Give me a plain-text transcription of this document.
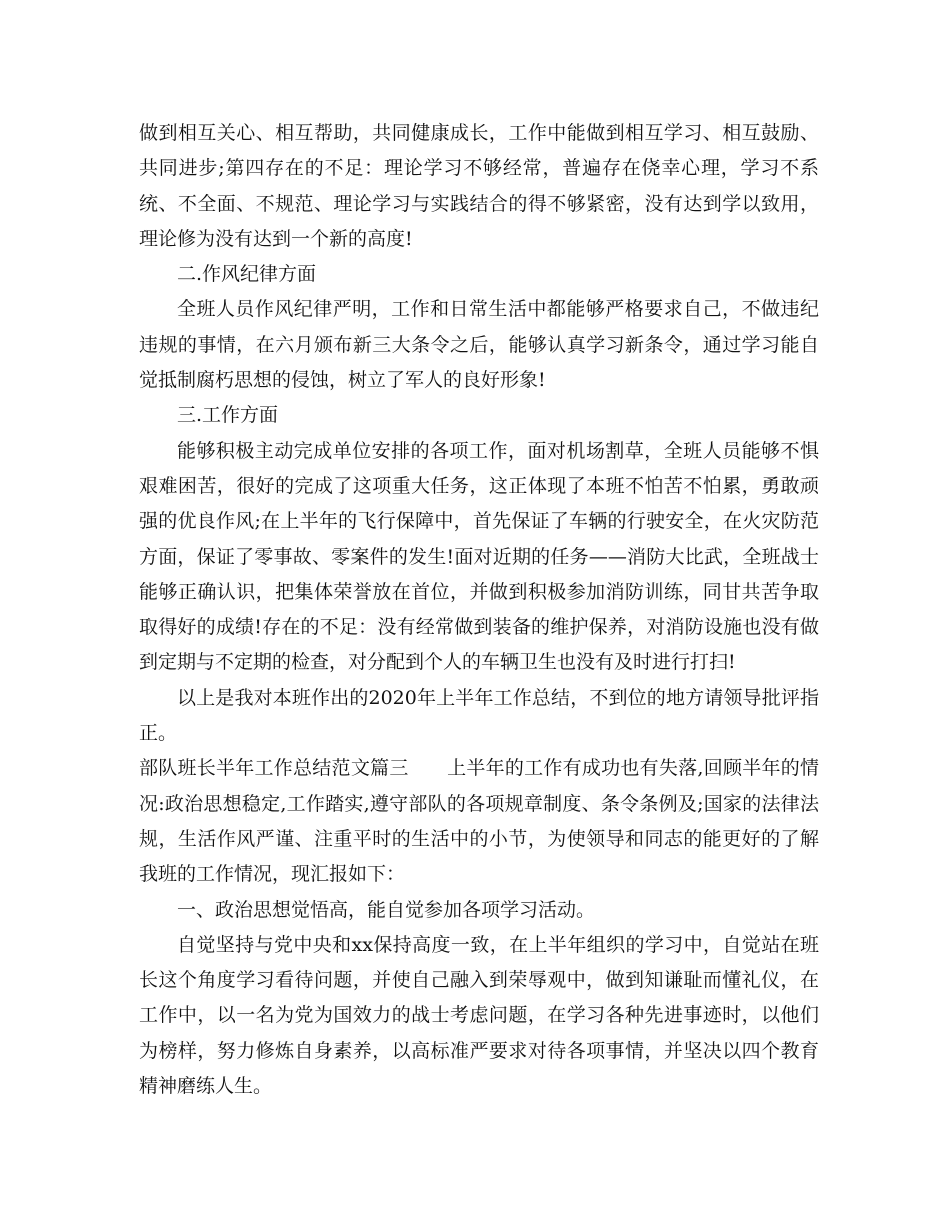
做到相互关心、相互帮助，共同健康成长，工作中能做到相互学习、相互鼓励、共同进步;第四存在的不足：理论学习不够经常，普遍存在侥幸心理，学习不系统、不全面、不规范、理论学习与实践结合的得不够紧密，没有达到学以致用，理论修为没有达到一个新的高度!

二.作风纪律方面

全班人员作风纪律严明，工作和日常生活中都能够严格要求自己，不做违纪违规的事情，在六月颁布新三大条令之后，能够认真学习新条令，通过学习能自觉抵制腐朽思想的侵蚀，树立了军人的良好形象!

三.工作方面

能够积极主动完成单位安排的各项工作，面对机场割草，全班人员能够不惧艰难困苦，很好的完成了这项重大任务，这正体现了本班不怕苦不怕累，勇敢顽强的优良作风;在上半年的飞行保障中，首先保证了车辆的行驶安全，在火灾防范方面，保证了零事故、零案件的发生!面对近期的任务——消防大比武，全班战士能够正确认识，把集体荣誉放在首位，并做到积极参加消防训练，同甘共苦争取取得好的成绩!存在的不足：没有经常做到装备的维护保养，对消防设施也没有做到定期与不定期的检查，对分配到个人的车辆卫生也没有及时进行打扫!

以上是我对本班作出的2020年上半年工作总结，不到位的地方请领导批评指正。

部队班长半年工作总结范文篇三　　上半年的工作有成功也有失落,回顾半年的情况:政治思想稳定,工作踏实,遵守部队的各项规章制度、条令条例及;国家的法律法规，生活作风严谨、注重平时的生活中的小节，为使领导和同志的能更好的了解我班的工作情况，现汇报如下：

一、政治思想觉悟高，能自觉参加各项学习活动。

自觉坚持与党中央和xx保持高度一致，在上半年组织的学习中，自觉站在班长这个角度学习看待问题，并使自己融入到荣辱观中，做到知谦耻而懂礼仪，在工作中，以一名为党为国效力的战士考虑问题，在学习各种先进事迹时，以他们为榜样，努力修炼自身素养，以高标准严要求对待各项事情，并坚决以四个教育精神磨练人生。
